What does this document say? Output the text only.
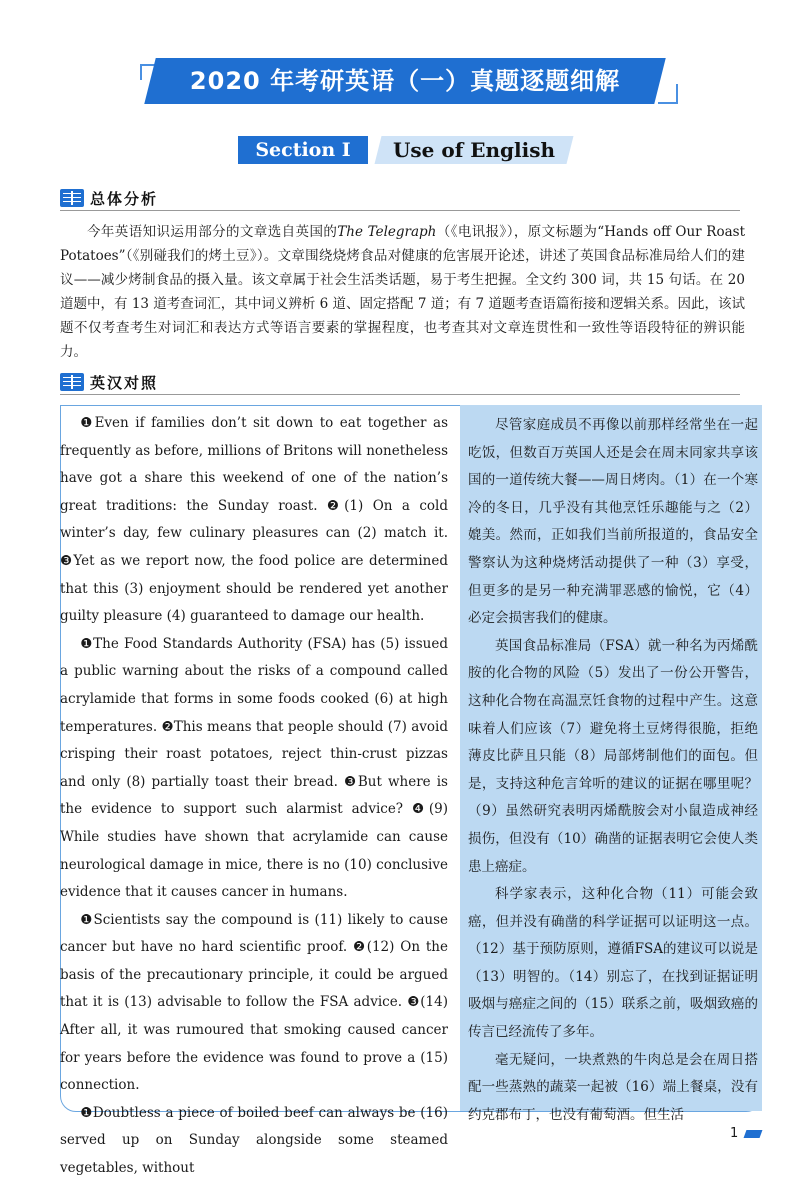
2020 年考研英语（一）真题逐题细解
Section Ⅰ	Use of English
总体分析
今年英语知识运用部分的文章选自英国的The Telegraph（《电讯报》），原文标题为“Hands off Our Roast Potatoes”（《别碰我们的烤土豆》）。文章围绕烧烤食品对健康的危害展开论述，讲述了英国食品标准局给人们的建议——减少烤制食品的摄入量。该文章属于社会生活类话题，易于考生把握。全文约 300 词，共 15 句话。在 20 道题中，有 13 道考查词汇，其中词义辨析 6 道、固定搭配 7 道；有 7 道题考查语篇衔接和逻辑关系。因此，该试题不仅考查考生对词汇和表达方式等语言要素的掌握程度，也考查其对文章连贯性和一致性等语段特征的辨识能力。
英汉对照

❶Even if families don’t sit down to eat together as frequently as before, millions of Britons will nonetheless have got a share this weekend of one of the nation’s great traditions: the Sunday roast. ❷(1) On a cold winter’s day, few culinary pleasures can (2) match it. ❸Yet as we report now, the food police are determined that this (3) enjoyment should be rendered yet another guilty pleasure (4) guaranteed to damage our health.

❶The Food Standards Authority (FSA) has (5) issued a public warning about the risks of a compound called acrylamide that forms in some foods cooked (6) at high temperatures. ❷This means that people should (7) avoid crisping their roast potatoes, reject thin-crust pizzas and only (8) partially toast their bread. ❸But where is the evidence to support such alarmist advice? ❹(9) While studies have shown that acrylamide can cause neurological damage in mice, there is no (10) conclusive evidence that it causes cancer in humans.

❶Scientists say the compound is (11) likely to cause cancer but have no hard scientific proof. ❷(12) On the basis of the precautionary principle, it could be argued that it is (13) advisable to follow the FSA advice. ❸(14) After all, it was rumoured that smoking caused cancer for years before the evidence was found to prove a (15) connection.

❶Doubtless a piece of boiled beef can always be (16) served up on Sunday alongside some steamed vegetables, without

尽管家庭成员不再像以前那样经常坐在一起吃饭，但数百万英国人还是会在周末同家共享该国的一道传统大餐——周日烤肉。（1）在一个寒冷的冬日，几乎没有其他烹饪乐趣能与之（2）媲美。然而，正如我们当前所报道的，食品安全警察认为这种烧烤活动提供了一种（3）享受，但更多的是另一种充满罪恶感的愉悦，它（4）必定会损害我们的健康。

英国食品标准局（FSA）就一种名为丙烯酰胺的化合物的风险（5）发出了一份公开警告，这种化合物在高温烹饪食物的过程中产生。这意味着人们应该（7）避免将土豆烤得很脆，拒绝薄皮比萨且只能（8）局部烤制他们的面包。但是，支持这种危言耸听的建议的证据在哪里呢？（9）虽然研究表明丙烯酰胺会对小鼠造成神经损伤，但没有（10）确凿的证据表明它会使人类患上癌症。

科学家表示，这种化合物（11）可能会致癌，但并没有确凿的科学证据可以证明这一点。（12）基于预防原则，遵循FSA的建议可以说是（13）明智的。（14）别忘了，在找到证据证明吸烟与癌症之间的（15）联系之前，吸烟致癌的传言已经流传了多年。

毫无疑问，一块煮熟的牛肉总是会在周日搭配一些蒸熟的蔬菜一起被（16）端上餐桌，没有约克郡布丁，也没有葡萄酒。但生活

1
